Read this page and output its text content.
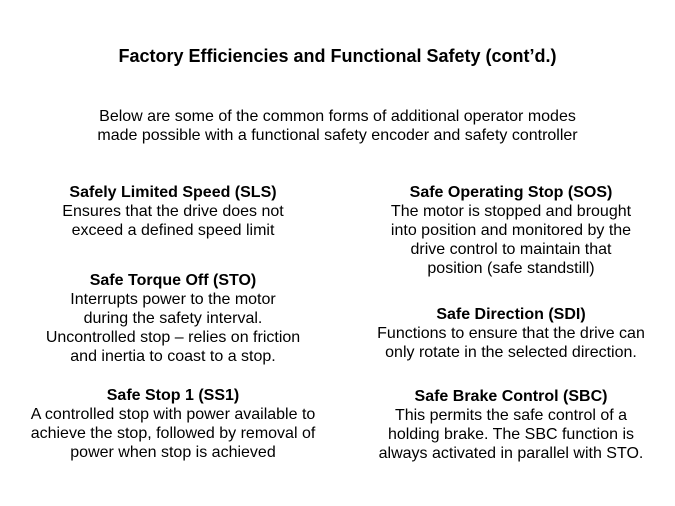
Factory Efficiencies and Functional Safety (cont’d.)
Below are some of the common forms of additional operator modes
made possible with a functional safety encoder and safety controller
Safely Limited Speed (SLS)
Ensures that the drive does not
exceed a defined speed limit
Safe Torque Off (STO)
Interrupts power to the motor
during the safety interval.
Uncontrolled stop – relies on friction
and inertia to coast to a stop.
Safe Stop 1 (SS1)
A controlled stop with power available to
achieve the stop, followed by removal of
power when stop is achieved
Safe Operating Stop (SOS)
The motor is stopped and brought
into position and monitored by the
drive control to maintain that
position (safe standstill)
Safe Direction (SDI)
Functions to ensure that the drive can
only rotate in the selected direction.
Safe Brake Control (SBC)
This permits the safe control of a
holding brake. The SBC function is
always activated in parallel with STO.
